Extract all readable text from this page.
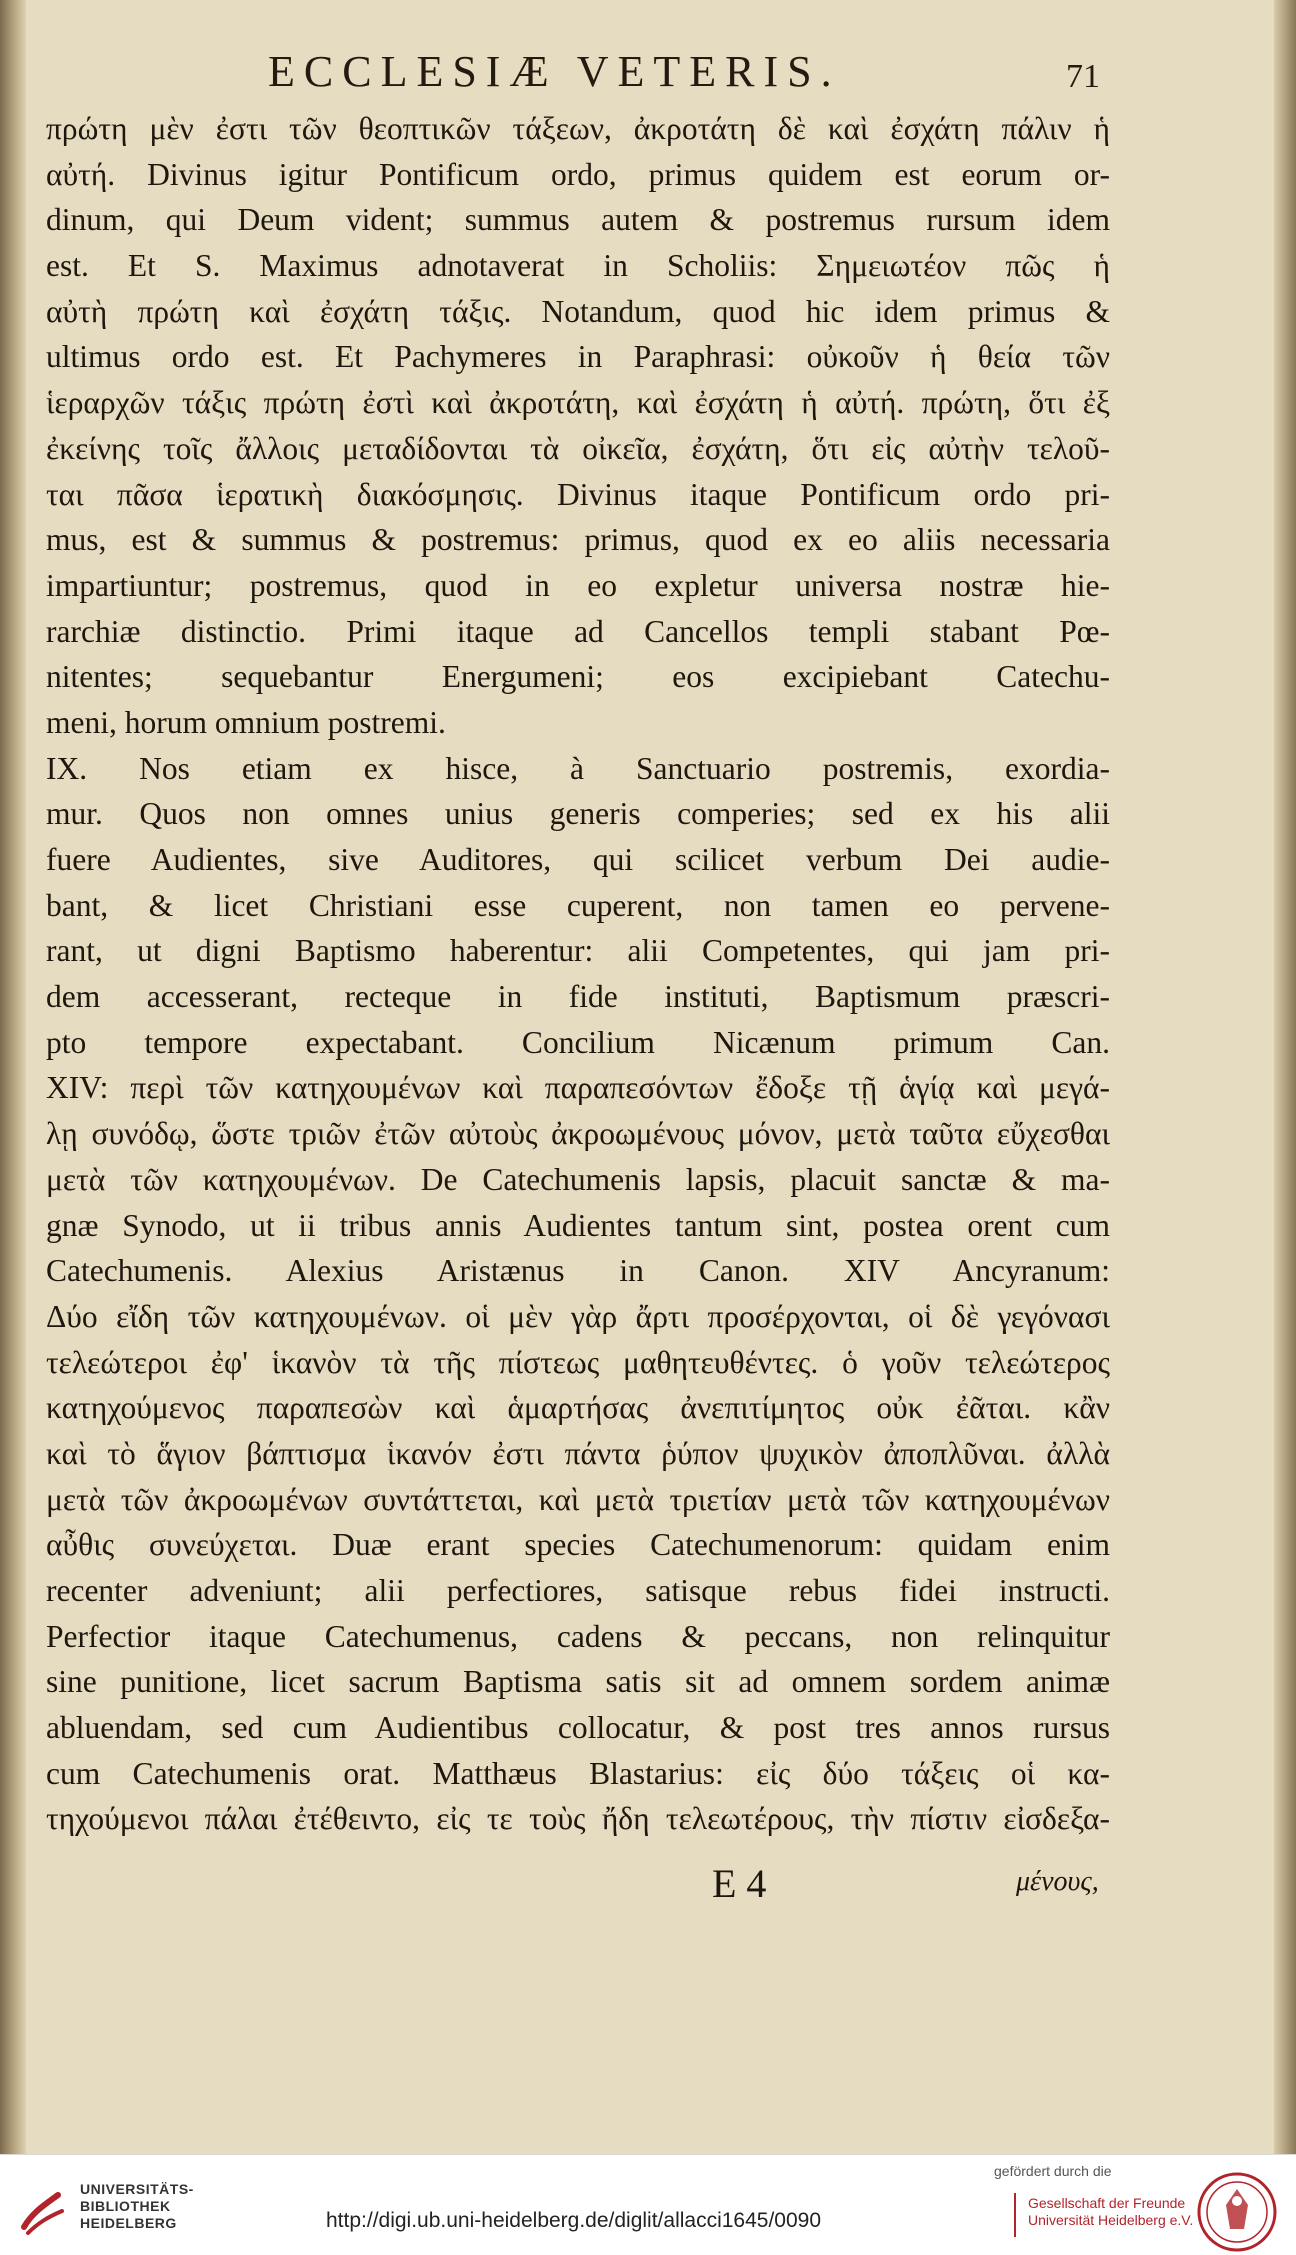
ECCLESIÆ VETERIS.	71
πρώτη μὲν ἐστι τῶν θεοπτικῶν τάξεων, ἀκροτάτη δὲ καὶ ἐσχάτη πάλιν ἡ
αὐτή. Divinus igitur Pontificum ordo, primus quidem est eorum or-
dinum, qui Deum vident; summus autem & postremus rursum idem
est. Et S. Maximus adnotaverat in Scholiis: Σημειωτέον πῶς ἡ
αὐτὴ πρώτη καὶ ἐσχάτη τάξις. Notandum, quod hic idem primus &
ultimus ordo est. Et Pachymeres in Paraphrasi: οὐκοῦν ἡ θεία τῶν
ἱεραρχῶν τάξις πρώτη ἐστὶ καὶ ἀκροτάτη, καὶ ἐσχάτη ἡ αὐτή. πρώτη, ὅτι ἐξ
ἐκείνης τοῖς ἄλλοις μεταδίδονται τὰ οἰκεῖα, ἐσχάτη, ὅτι εἰς αὐτὴν τελοῦ-
ται πᾶσα ἱερατικὴ διακόσμησις. Divinus itaque Pontificum ordo pri-
mus, est & summus & postremus: primus, quod ex eo aliis necessaria
impartiuntur; postremus, quod in eo expletur universa nostræ hie-
rarchiæ distinctio. Primi itaque ad Cancellos templi stabant Pœ-
nitentes; sequebantur Energumeni; eos excipiebant Catechu-
meni, horum omnium postremi.
IX. Nos etiam ex hisce, à Sanctuario postremis, exordia-
mur. Quos non omnes unius generis comperies; sed ex his alii
fuere Audientes, sive Auditores, qui scilicet verbum Dei audie-
bant, & licet Christiani esse cuperent, non tamen eo pervene-
rant, ut digni Baptismo haberentur: alii Competentes, qui jam pri-
dem accesserant, recteque in fide instituti, Baptismum præscri-
pto tempore expectabant. Concilium Nicænum primum Can.
XIV: περὶ τῶν κατηχουμένων καὶ παραπεσόντων ἔδοξε τῇ ἁγίᾳ καὶ μεγά-
λῃ συνόδῳ, ὥστε τριῶν ἐτῶν αὐτοὺς ἀκροωμένους μόνον, μετὰ ταῦτα εὔχεσθαι
μετὰ τῶν κατηχουμένων. De Catechumenis lapsis, placuit sanctæ & ma-
gnæ Synodo, ut ii tribus annis Audientes tantum sint, postea orent cum
Catechumenis. Alexius Aristænus in Canon. XIV Ancyranum:
Δύο εἴδη τῶν κατηχουμένων. οἱ μὲν γὰρ ἄρτι προσέρχονται, οἱ δὲ γεγόνασι
τελεώτεροι ἐφ' ἱκανὸν τὰ τῆς πίστεως μαθητευθέντες. ὁ γοῦν τελεώτερος
κατηχούμενος παραπεσὼν καὶ ἁμαρτήσας ἀνεπιτίμητος οὐκ ἐᾶται. κἂν
καὶ τὸ ἅγιον βάπτισμα ἱκανόν ἐστι πάντα ῥύπον ψυχικὸν ἀποπλῦναι. ἀλλὰ
μετὰ τῶν ἀκροωμένων συντάττεται, καὶ μετὰ τριετίαν μετὰ τῶν κατηχουμένων
αὖθις συνεύχεται. Duæ erant species Catechumenorum: quidam enim
recenter adveniunt; alii perfectiores, satisque rebus fidei instructi.
Perfectior itaque Catechumenus, cadens & peccans, non relinquitur
sine punitione, licet sacrum Baptisma satis sit ad omnem sordem animæ
abluendam, sed cum Audientibus collocatur, & post tres annos rursus
cum Catechumenis orat. Matthæus Blastarius: εἰς δύο τάξεις οἱ κα-
τηχούμενοι πάλαι ἐτέθειντο, εἰς τε τοὺς ἤδη τελεωτέρους, τὴν πίστιν εἰσδεξα-
E 4	μένους,
UNIVERSITÄTS-
BIBLIOTHEK
HEIDELBERG	http://digi.ub.uni-heidelberg.de/diglit/allacci1645/0090
gefördert durch die
Gesellschaft der Freunde
Universität Heidelberg e.V.
